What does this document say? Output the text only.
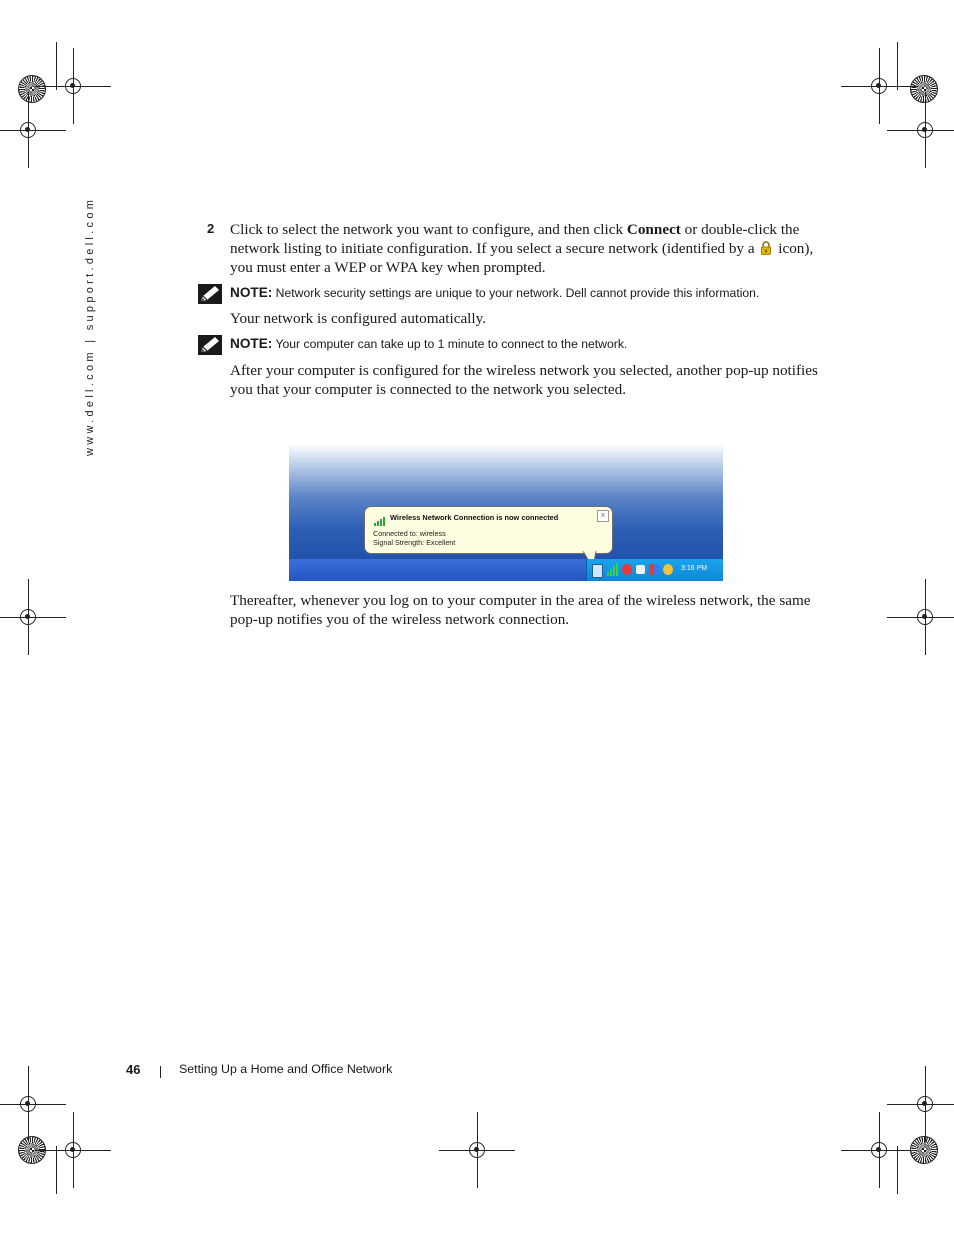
www.dell.com | support.dell.com	2 Click to select the network you want to configure, and then click Connect or double-click the network listing to initiate configuration. If you select a secure network (identified by a  icon), you must enter a WEP or WPA key when prompted.
NOTE: Network security settings are unique to your network. Dell cannot provide this information.
Your network is configured automatically.
NOTE: Your computer can take up to 1 minute to connect to the network.
After your computer is configured for the wireless network you selected, another pop-up notifies you that your computer is connected to the network you selected.
Wireless Network Connection is now connected	x
Connected to: wireless
Signal Strength: Excellent
3:16 PM
Thereafter, whenever you log on to your computer in the area of the wireless network, the same pop-up notifies you of the wireless network connection.
46	Setting Up a Home and Office Network
